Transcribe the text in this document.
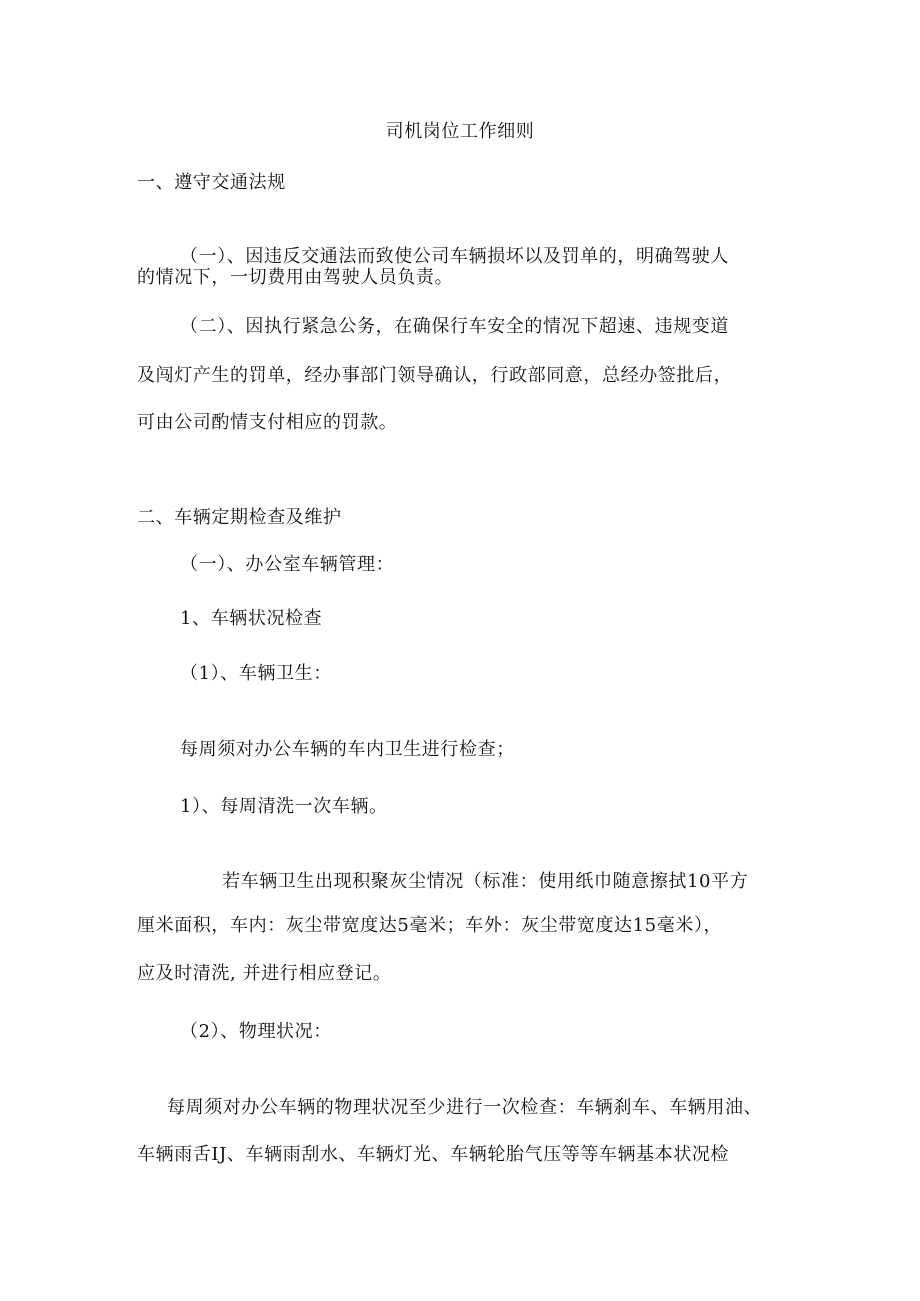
司机岗位工作细则
一、遵守交通法规
（一）、因违反交通法而致使公司车辆损坏以及罚单的，明确驾驶人
的情况下，一切费用由驾驶人员负责。
（二）、因执行紧急公务，在确保行车安全的情况下超速、违规变道
及闯灯产生的罚单，经办事部门领导确认，行政部同意，总经办签批后，
可由公司酌情支付相应的罚款。
二、车辆定期检查及维护
（一）、办公室车辆管理：
1、车辆状况检查
（1）、车辆卫生：
每周须对办公车辆的车内卫生进行检查；
1）、每周清洗一次车辆。
若车辆卫生出现积聚灰尘情况（标准：使用纸巾随意擦拭10平方
厘米面积，车内：灰尘带宽度达5毫米；车外：灰尘带宽度达15毫米），
应及时清洗, 并进行相应登记。
（2）、物理状况：
每周须对办公车辆的物理状况至少进行一次检查：车辆刹车、车辆用油、
车辆雨舌IJ、车辆雨刮水、车辆灯光、车辆轮胎气压等等车辆基本状况检
